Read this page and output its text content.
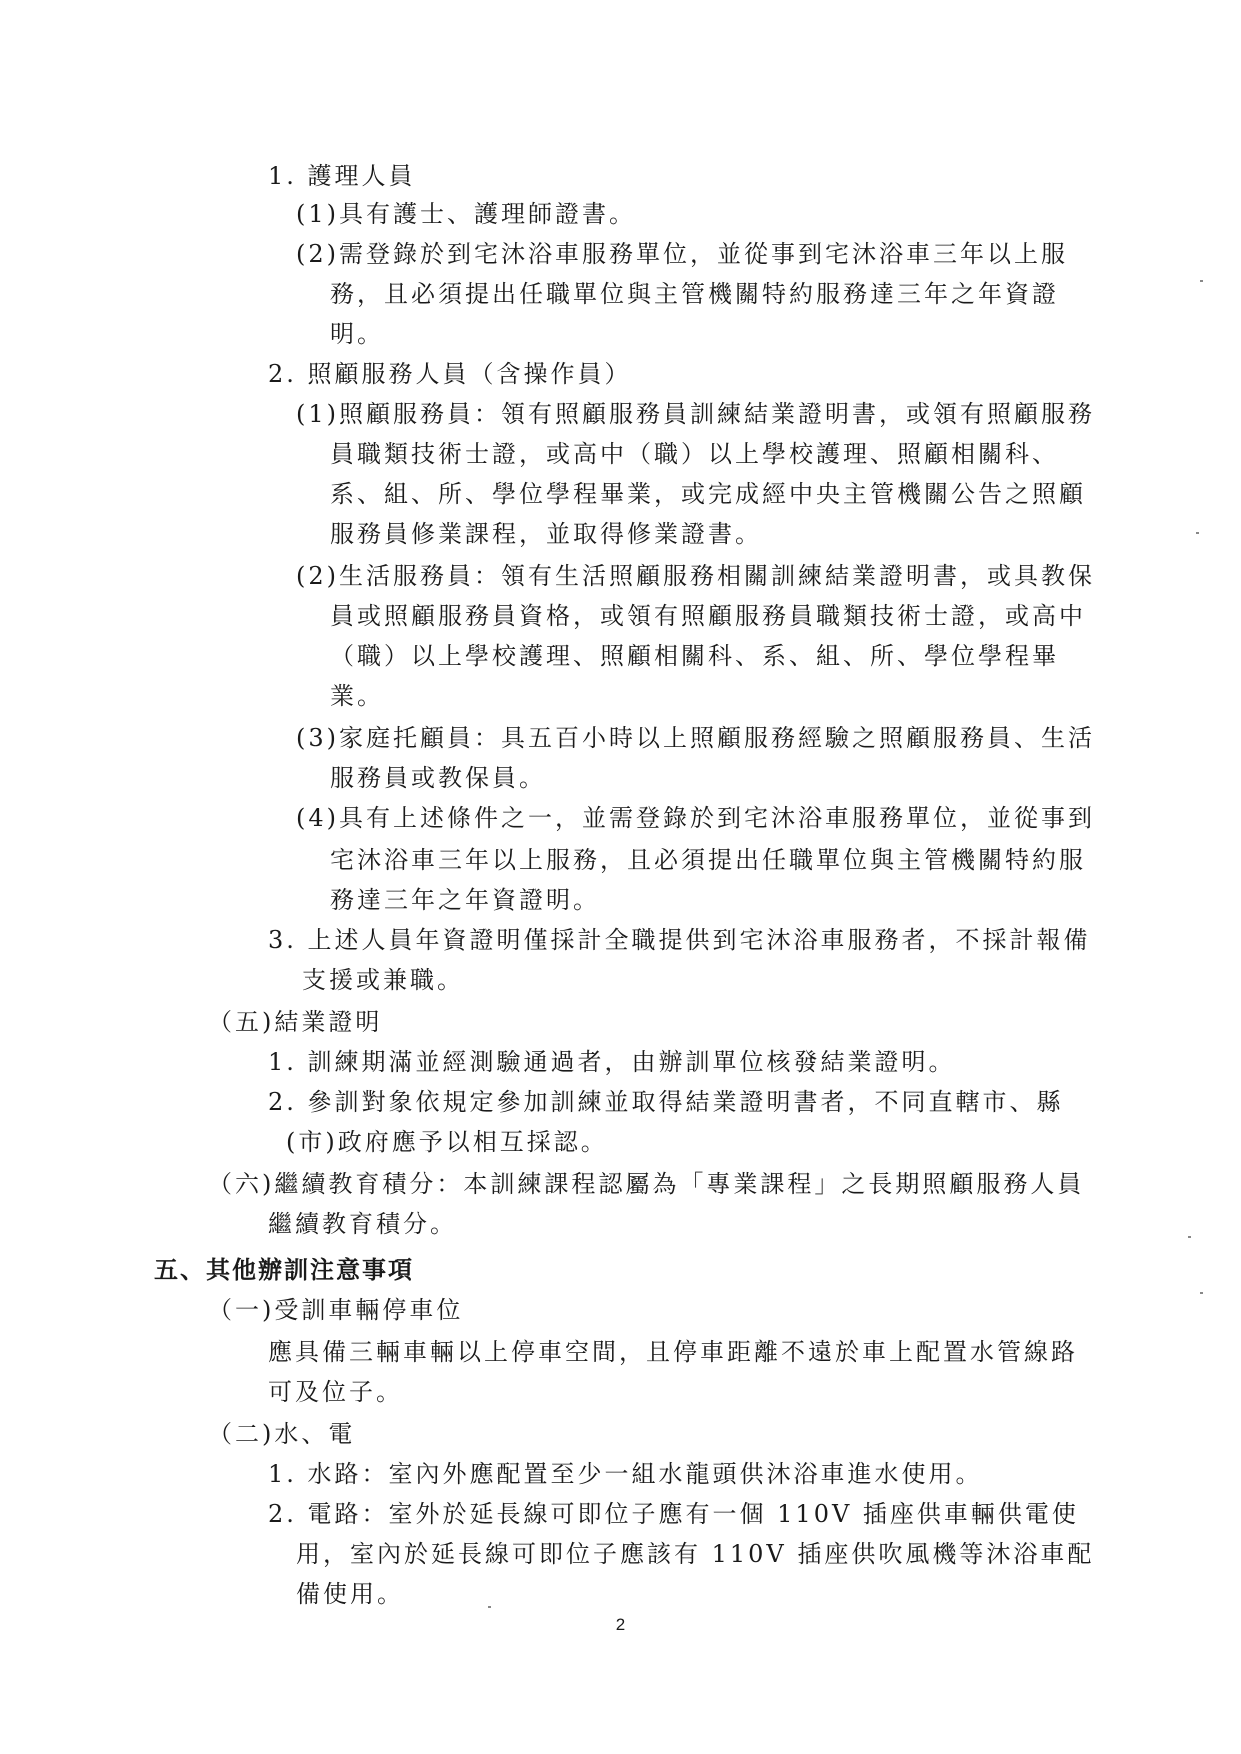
1. 護理人員
(1)具有護士、護理師證書。
(2)需登錄於到宅沐浴車服務單位，並從事到宅沐浴車三年以上服
務，且必須提出任職單位與主管機關特約服務達三年之年資證
明。
2. 照顧服務人員（含操作員）
(1)照顧服務員：領有照顧服務員訓練結業證明書，或領有照顧服務
員職類技術士證，或高中（職）以上學校護理、照顧相關科、
系、組、所、學位學程畢業，或完成經中央主管機關公告之照顧
服務員修業課程，並取得修業證書。
(2)生活服務員：領有生活照顧服務相關訓練結業證明書，或具教保
員或照顧服務員資格，或領有照顧服務員職類技術士證，或高中
（職）以上學校護理、照顧相關科、系、組、所、學位學程畢
業。
(3)家庭托顧員：具五百小時以上照顧服務經驗之照顧服務員、生活
服務員或教保員。
(4)具有上述條件之一，並需登錄於到宅沐浴車服務單位，並從事到
宅沐浴車三年以上服務，且必須提出任職單位與主管機關特約服
務達三年之年資證明。
3. 上述人員年資證明僅採計全職提供到宅沐浴車服務者，不採計報備
支援或兼職。
（五)結業證明
1. 訓練期滿並經測驗通過者，由辦訓單位核發結業證明。
2. 參訓對象依規定參加訓練並取得結業證明書者，不同直轄市、縣
(市)政府應予以相互採認。
（六)繼續教育積分：本訓練課程認屬為「專業課程」之長期照顧服務人員
繼續教育積分。
五、其他辦訓注意事項
（一)受訓車輛停車位
應具備三輛車輛以上停車空間，且停車距離不遠於車上配置水管線路
可及位子。
（二)水、電
1. 水路：室內外應配置至少一組水龍頭供沐浴車進水使用。
2. 電路：室外於延長線可即位子應有一個 110V 插座供車輛供電使
用，室內於延長線可即位子應該有 110V 插座供吹風機等沐浴車配
備使用。
2
